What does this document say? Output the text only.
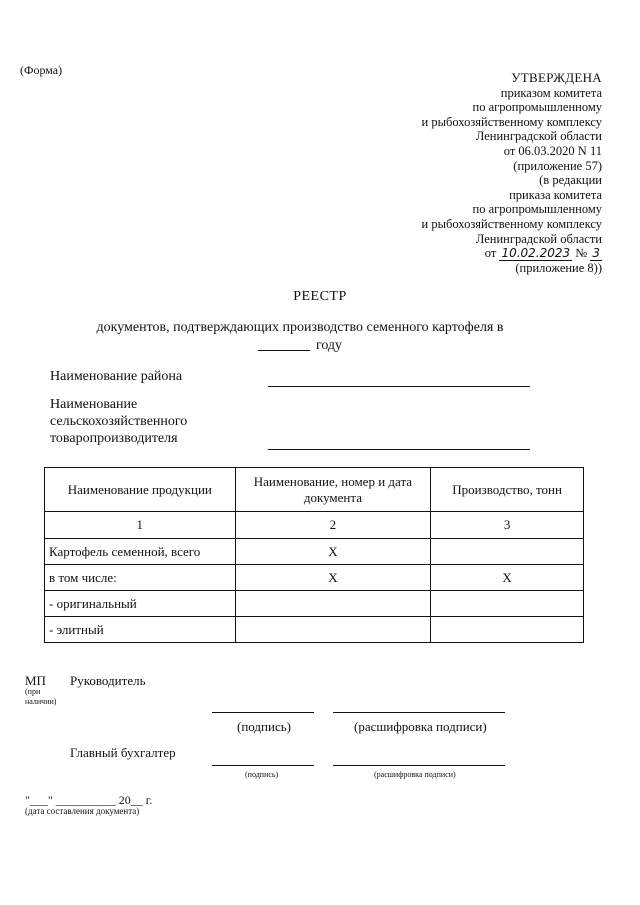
(Форма)	УТВЕРЖДЕНА
приказом комитета
по агропромышленному
и рыбохозяйственному комплексу
Ленинградской области
от 06.03.2020 N 11
(приложение 57)
(в редакции
приказа комитета
по агропромышленному
и рыбохозяйственному комплексу
Ленинградской области
от 10.02.2023 № 3
(приложение 8))
РЕЕСТР
документов, подтверждающих производство семенного картофеля в
году
Наименование района
Наименование сельскохозяйственного товаропроизводителя
Наименование продукции	Наименование, номер и дата документа	Производство, тонн
1	2	3
Картофель семенной, всего	X	
в том числе:	X	X
- оригинальный		
- элитный		
МП
(при наличии)
Руководитель
(подпись)	(расшифровка подписи)
Главный бухгалтер
(подпись)	(расшифровка подписи)
"___" __________ 20__ г.
(дата составления документа)
